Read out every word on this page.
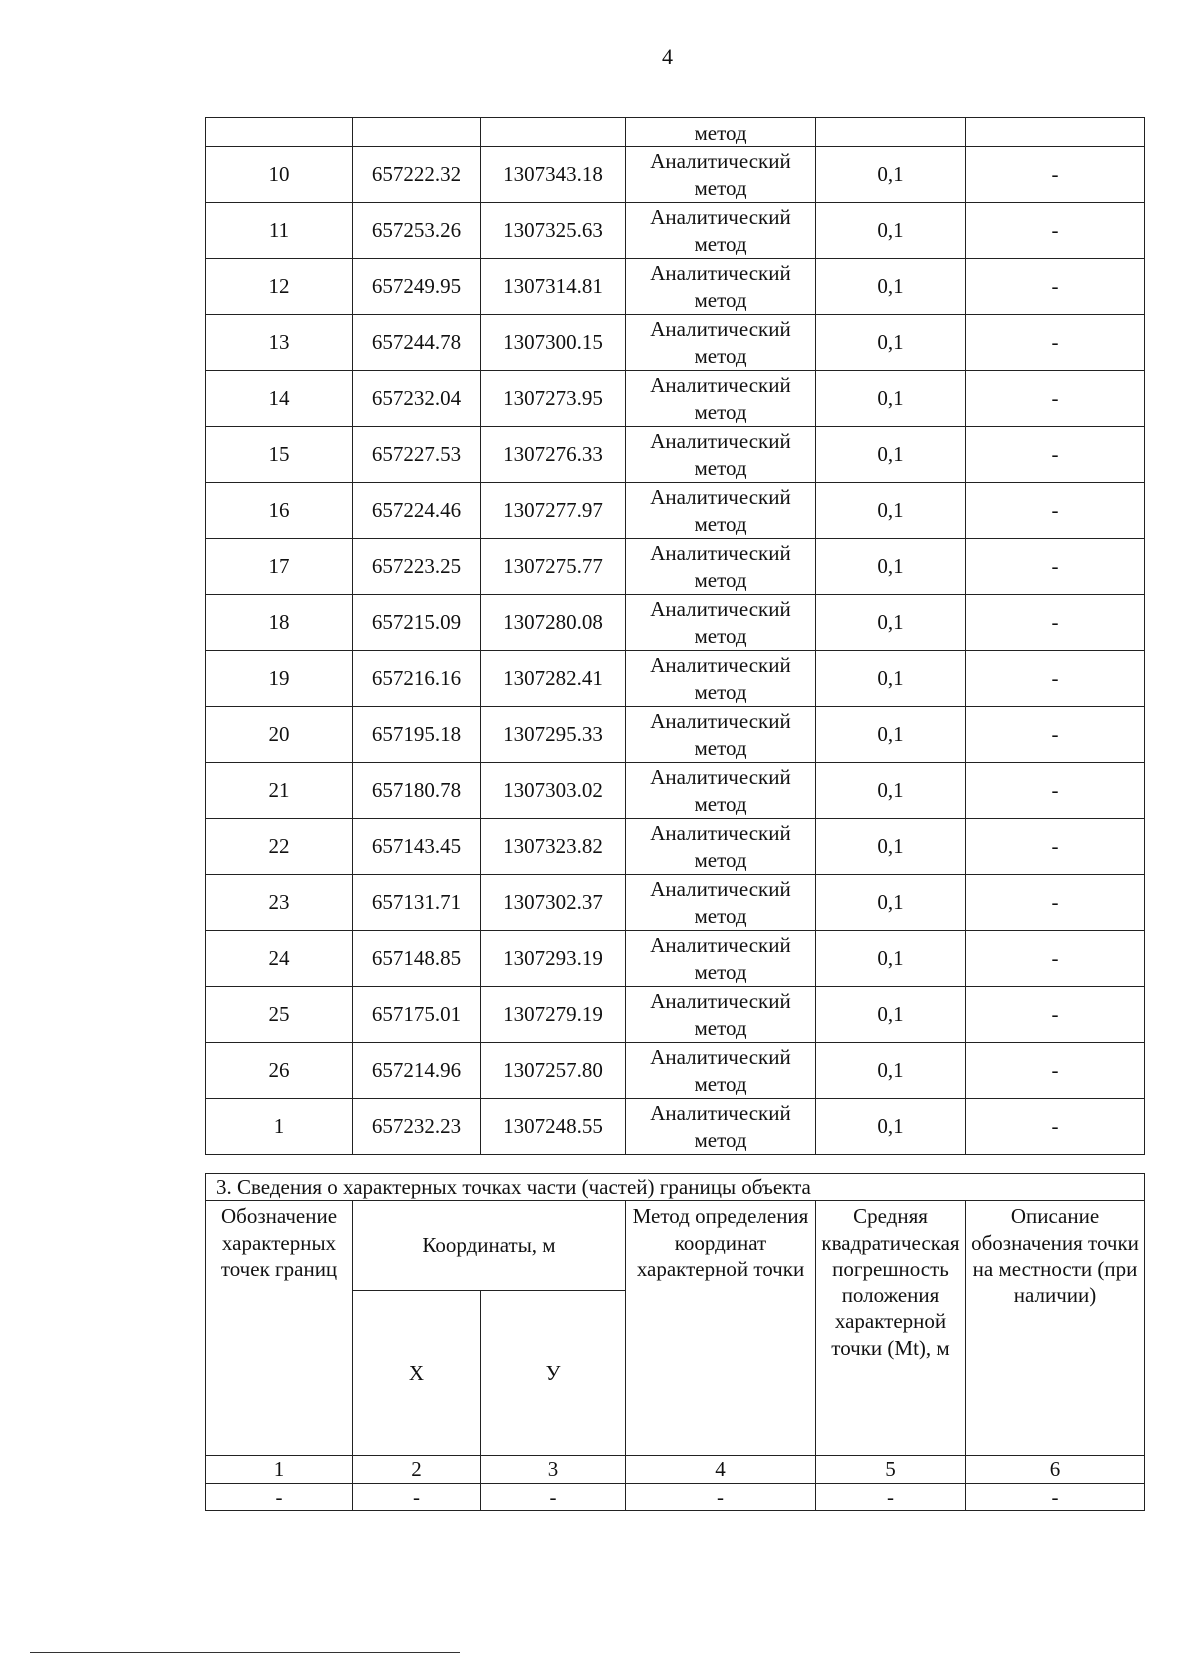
4
			метод		
10	657222.32	1307343.18	Аналитический
метод	0,1	-
11	657253.26	1307325.63	Аналитический
метод	0,1	-
12	657249.95	1307314.81	Аналитический
метод	0,1	-
13	657244.78	1307300.15	Аналитический
метод	0,1	-
14	657232.04	1307273.95	Аналитический
метод	0,1	-
15	657227.53	1307276.33	Аналитический
метод	0,1	-
16	657224.46	1307277.97	Аналитический
метод	0,1	-
17	657223.25	1307275.77	Аналитический
метод	0,1	-
18	657215.09	1307280.08	Аналитический
метод	0,1	-
19	657216.16	1307282.41	Аналитический
метод	0,1	-
20	657195.18	1307295.33	Аналитический
метод	0,1	-
21	657180.78	1307303.02	Аналитический
метод	0,1	-
22	657143.45	1307323.82	Аналитический
метод	0,1	-
23	657131.71	1307302.37	Аналитический
метод	0,1	-
24	657148.85	1307293.19	Аналитический
метод	0,1	-
25	657175.01	1307279.19	Аналитический
метод	0,1	-
26	657214.96	1307257.80	Аналитический
метод	0,1	-
1	657232.23	1307248.55	Аналитический
метод	0,1	-
3. Сведения о характерных точках части (частей) границы объекта					
Обозначение характерных точек границ	Координаты, м		Метод определения координат характерной точки	Средняя квадратическая погрешность положения характерной точки (Mt), м	Описание обозначения точки на местности (при наличии)
	X	У			
1	2	3	4	5	6
-	-	-	-	-	-
